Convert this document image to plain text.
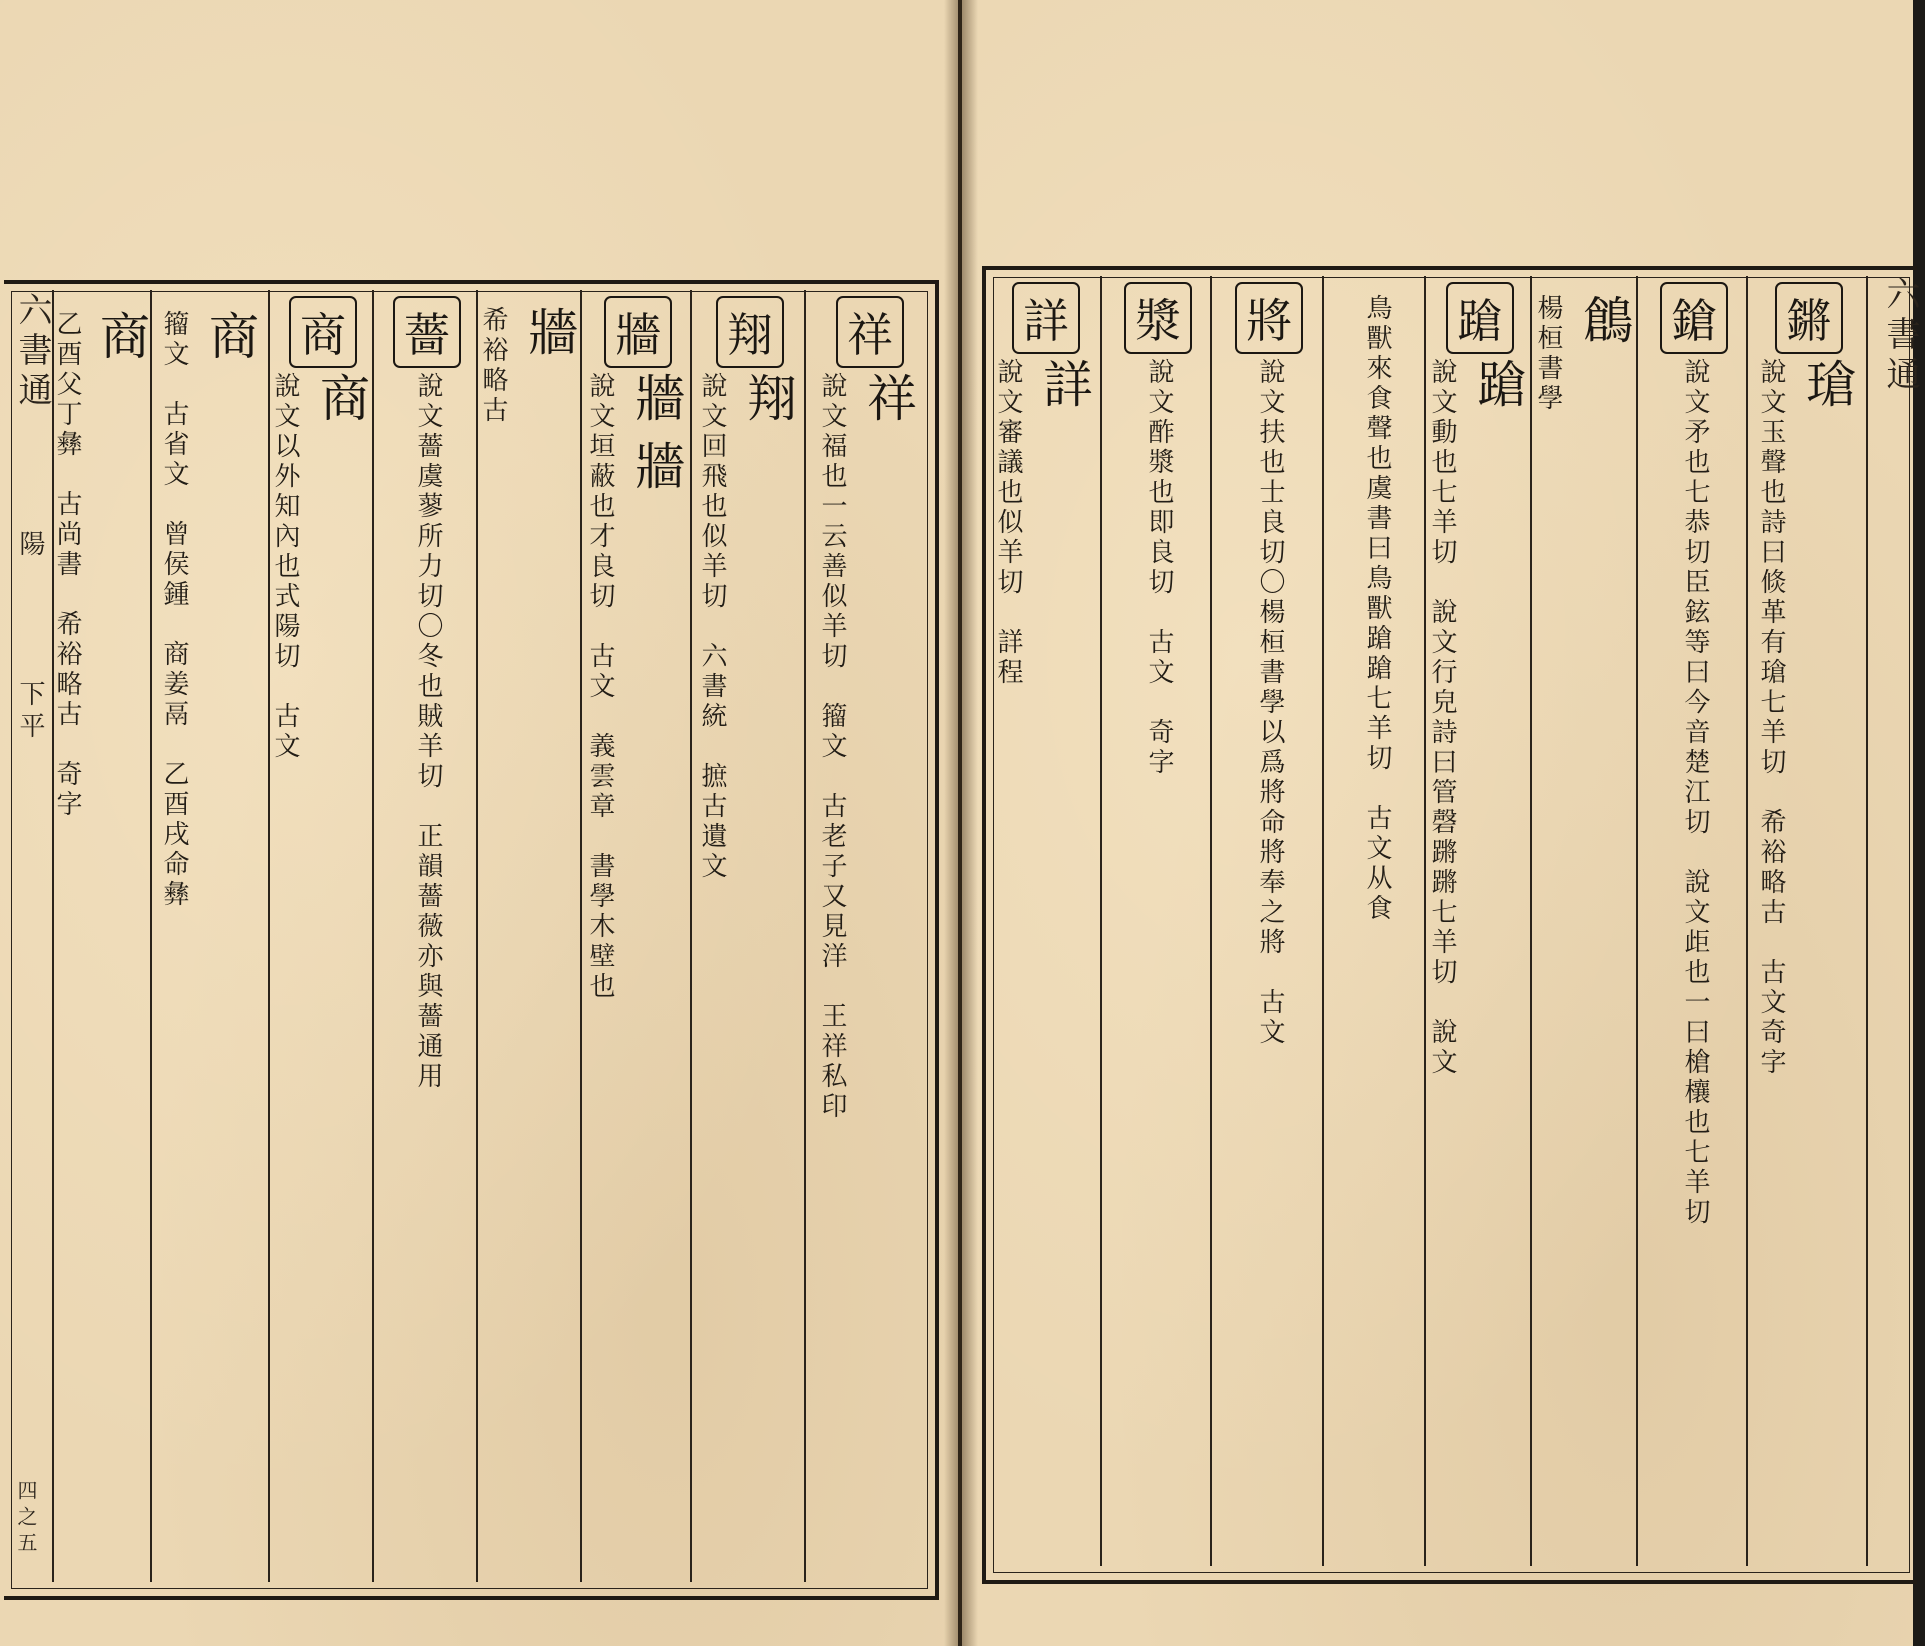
六書通
陽
下平
四之五
祥
祥
說文福也一云善似羊切　籀文　古老子又見洋　王祥私印
翔
翔
說文回飛也似羊切　六書統　摭古遺文
牆
牆牆
說文垣蔽也才良切　古文　義雲章　書學木壁也
牆
希裕略古
薔
說文薔虞蓼所力切〇冬也賊羊切　正韻薔薇亦與薔通用
商
商
說文以外知內也式陽切　古文
商
籀文　古省文　曾侯鍾　商姜鬲　乙酉戌命彝
商
乙酉父丁彝　古尚書　希裕略古　奇字	六書通
鏘
瑲
說文玉聲也詩曰倐革有瑲七羊切　希裕略古　古文奇字
鎗
說文矛也七恭切臣鉉等曰今音楚江切　說文歫也一曰槍欀也七羊切
鶬
楊桓書學
蹌
蹌
說文動也七羊切　說文行皃詩曰管磬蹡蹡七羊切　說文
鳥獸來食聲也虞書曰鳥獸蹌蹌七羊切　古文从食
將
說文扶也士良切〇楊桓書學以爲將命將奉之將　古文
漿
說文酢漿也即良切　古文　奇字
詳
詳
說文審議也似羊切　詳程
